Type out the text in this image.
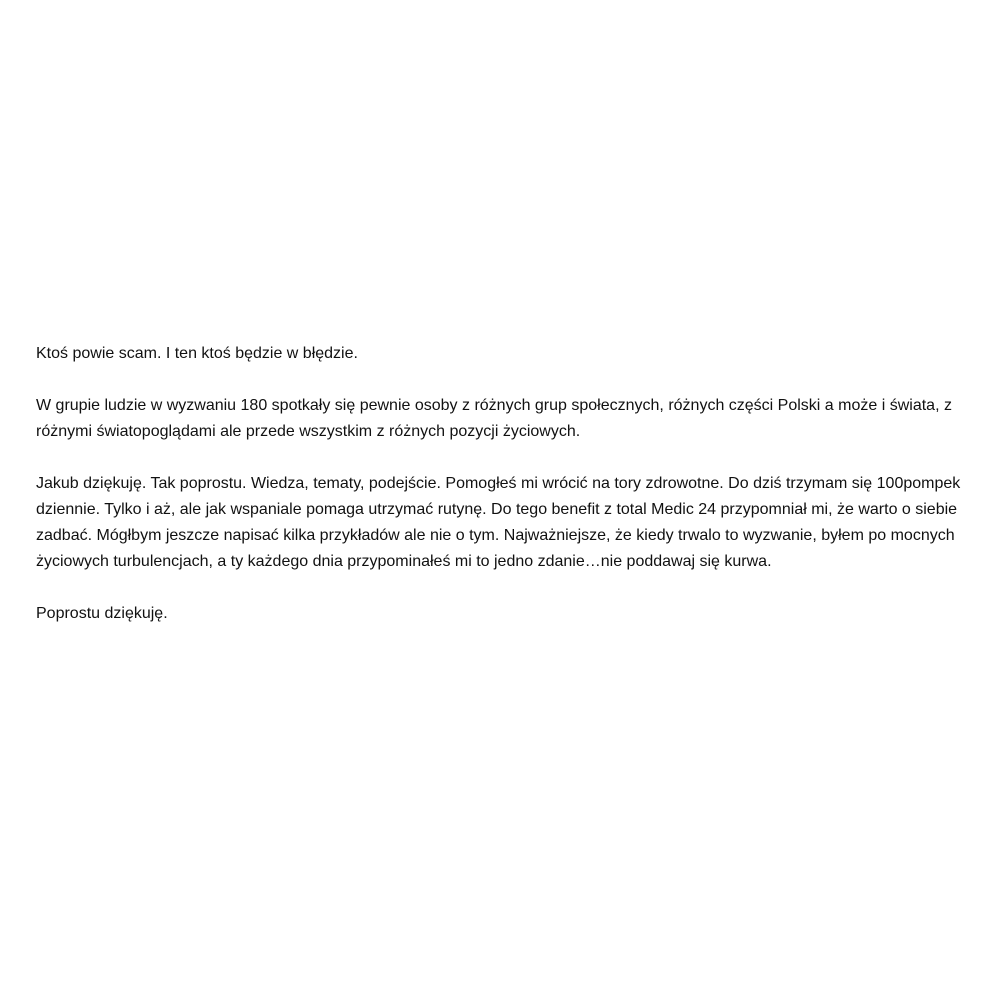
Ktoś powie scam. I ten ktoś będzie w błędzie.

W grupie ludzie w wyzwaniu 180 spotkały się pewnie osoby z różnych grup społecznych, różnych części Polski a może i świata, z różnymi światopoglądami ale przede wszystkim z różnych pozycji życiowych.

Jakub dziękuję. Tak poprostu. Wiedza, tematy, podejście. Pomogłeś mi wrócić na tory zdrowotne. Do dziś trzymam się 100pompek dziennie. Tylko i aż, ale jak wspaniale pomaga utrzymać rutynę. Do tego benefit z total Medic 24 przypomniał mi, że warto o siebie zadbać. Mógłbym jeszcze napisać kilka przykładów ale nie o tym. Najważniejsze, że kiedy trwalo to wyzwanie, byłem po mocnych życiowych turbulencjach, a ty każdego dnia przypominałeś mi to jedno zdanie…nie poddawaj się kurwa.

Poprostu dziękuję.
